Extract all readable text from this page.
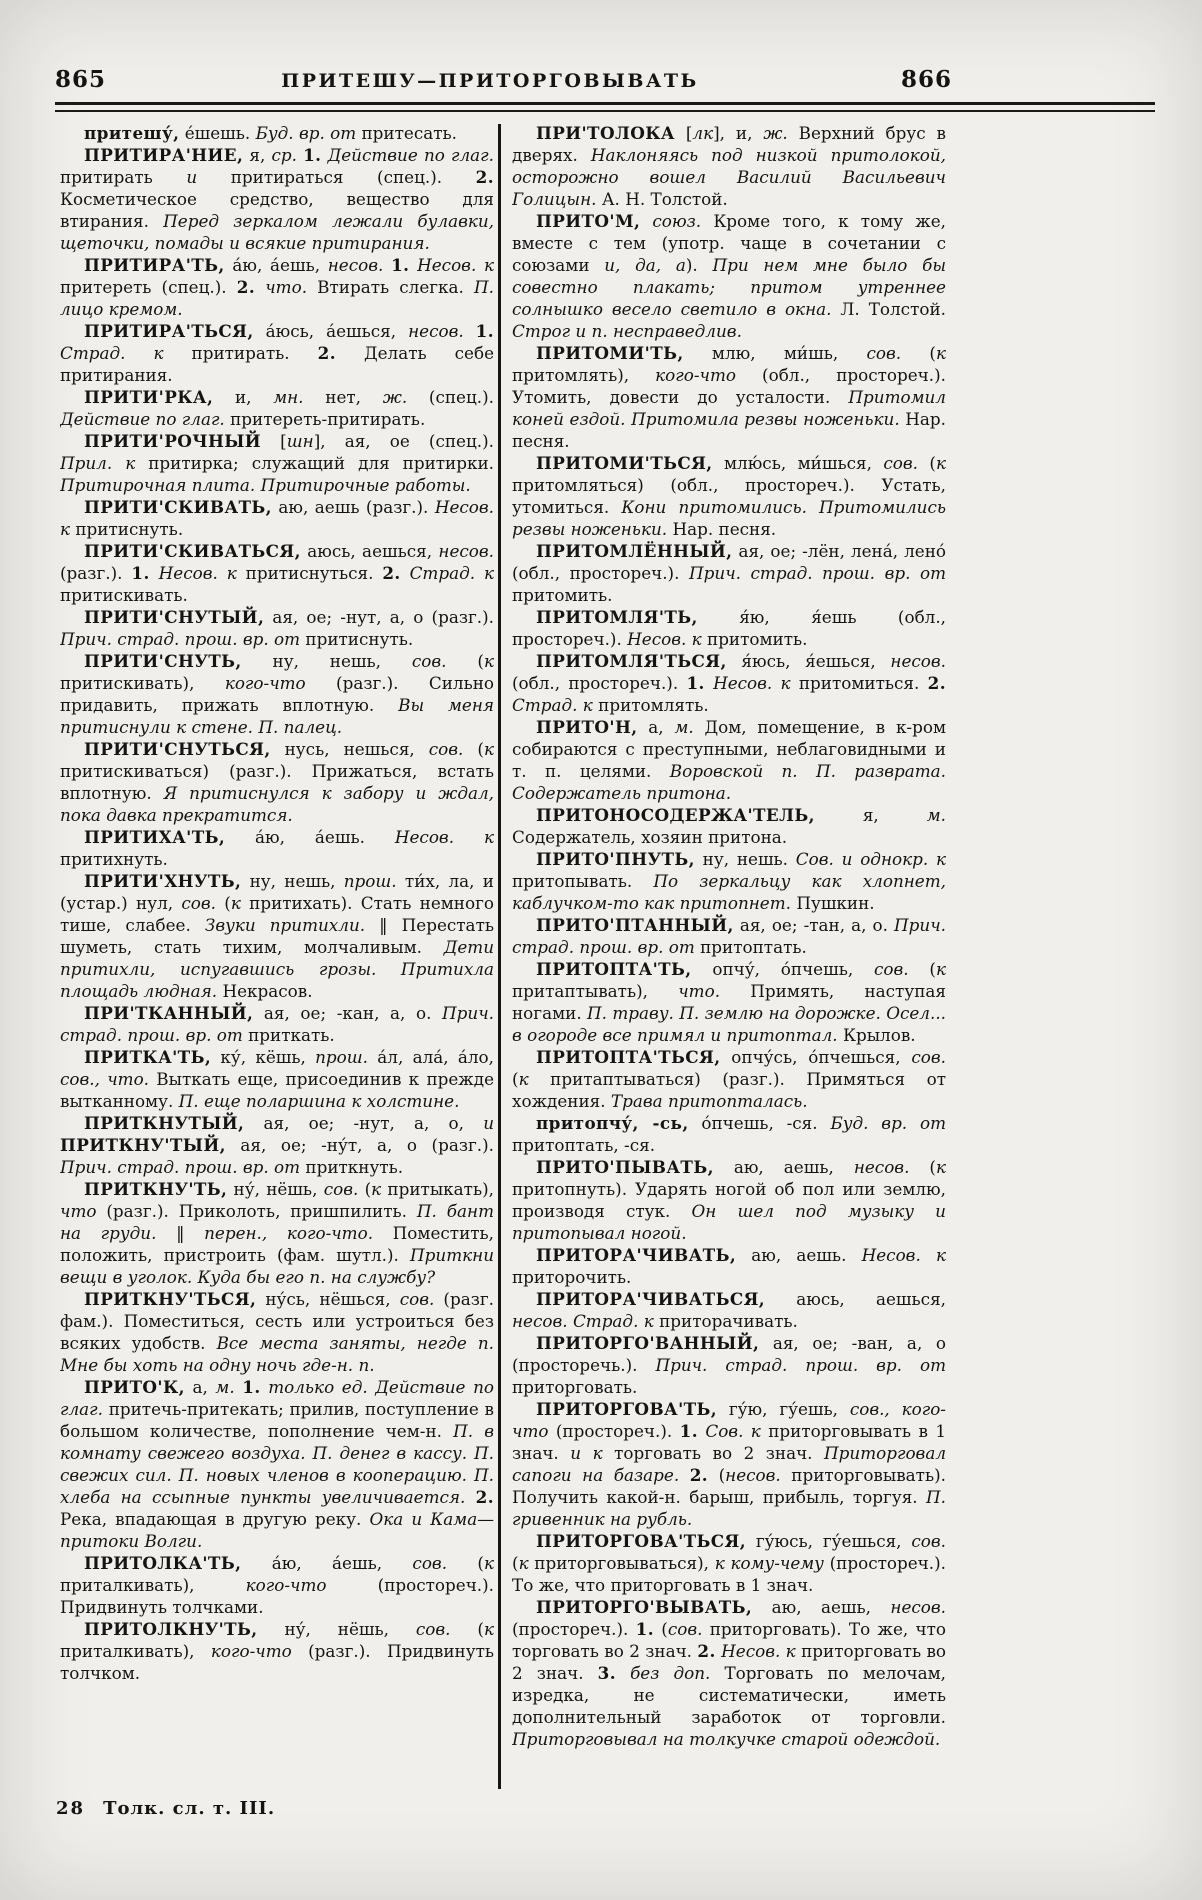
865	ПРИТЕШУ—ПРИТОРГОВЫВАТЬ	866

притешу́, е́шешь. Буд. вр. от притесать.

ПРИТИРА'НИЕ, я, ср. 1. Действие по глаг. притирать и притираться (спец.). 2. Косметическое средство, вещество для втирания. Перед зеркалом лежали булавки, щеточки, помады и всякие притирания.

ПРИТИРА'ТЬ, а́ю, а́ешь, несов. 1. Несов. к притереть (спец.). 2. что. Втирать слегка. П. лицо кремом.

ПРИТИРА'ТЬСЯ, а́юсь, а́ешься, несов. 1. Страд. к притирать. 2. Делать себе притирания.

ПРИТИ'РКА, и, мн. нет, ж. (спец.). Действие по глаг. притереть-притирать.

ПРИТИ'РОЧНЫЙ [шн], ая, ое (спец.). Прил. к притирка; служащий для притирки. Притирочная плита. Притирочные работы.

ПРИТИ'СКИВАТЬ, аю, аешь (разг.). Несов. к притиснуть.

ПРИТИ'СКИВАТЬСЯ, аюсь, аешься, несов. (разг.). 1. Несов. к притиснуться. 2. Страд. к притискивать.

ПРИТИ'СНУТЫЙ, ая, ое; -нут, а, о (разг.). Прич. страд. прош. вр. от притиснуть.

ПРИТИ'СНУТЬ, ну, нешь, сов. (к притискивать), кого-что (разг.). Сильно придавить, прижать вплотную. Вы меня притиснули к стене. П. палец.

ПРИТИ'СНУТЬСЯ, нусь, нешься, сов. (к притискиваться) (разг.). Прижаться, встать вплотную. Я притиснулся к забору и ждал, пока давка прекратится.

ПРИТИХА'ТЬ, а́ю, а́ешь. Несов. к притихнуть.

ПРИТИ'ХНУТЬ, ну, нешь, прош. ти́х, ла, и (устар.) нул, сов. (к притихать). Стать немного тише, слабее. Звуки притихли. ‖ Перестать шуметь, стать тихим, молчаливым. Дети притихли, испугавшись грозы. Притихла площадь людная. Некрасов.

ПРИ'ТКАННЫЙ, ая, ое; -кан, а, о. Прич. страд. прош. вр. от приткать.

ПРИТКА'ТЬ, ку́, кёшь, прош. а́л, ала́, а́ло, сов., что. Выткать еще, присоединив к прежде вытканному. П. еще поларшина к холстине.

ПРИТКНУТЫЙ, ая, ое; -нут, а, о, и ПРИТКНУ'ТЫЙ, ая, ое; -ну́т, а, о (разг.). Прич. страд. прош. вр. от приткнуть.

ПРИТКНУ'ТЬ, ну́, нёшь, сов. (к притыкать), что (разг.). Приколоть, пришпилить. П. бант на груди. ‖ перен., кого-что. Поместить, положить, пристроить (фам. шутл.). Приткни вещи в уголок. Куда бы его п. на службу?

ПРИТКНУ'ТЬСЯ, ну́сь, нёшься, сов. (разг. фам.). Поместиться, сесть или устроиться без всяких удобств. Все места заняты, негде п. Мне бы хоть на одну ночь где-н. п.

ПРИТО'К, а, м. 1. только ед. Действие по глаг. притечь-притекать; прилив, поступление в большом количестве, пополнение чем-н. П. в комнату свежего воздуха. П. денег в кассу. П. свежих сил. П. новых членов в кооперацию. П. хлеба на ссыпные пункты увеличивается. 2. Река, впадающая в другую реку. Ока и Кама—притоки Волги.

ПРИТОЛКА'ТЬ, а́ю, а́ешь, сов. (к приталкивать), кого-что (простореч.). Придвинуть толчками.

ПРИТОЛКНУ'ТЬ, ну́, нёшь, сов. (к приталкивать), кого-что (разг.). Придвинуть толчком.

ПРИ'ТОЛОКА [лк], и, ж. Верхний брус в дверях. Наклоняясь под низкой притолокой, осторожно вошел Василий Васильевич Голицын. А. Н. Толстой.

ПРИТО'М, союз. Кроме того, к тому же, вместе с тем (употр. чаще в сочетании с союзами и, да, а). При нем мне было бы совестно плакать; притом утреннее солнышко весело светило в окна. Л. Толстой. Строг и п. несправедлив.

ПРИТОМИ'ТЬ, млю, ми́шь, сов. (к притомлять), кого-что (обл., простореч.). Утомить, довести до усталости. Притомил коней ездой. Притомила резвы ноженьки. Нар. песня.

ПРИТОМИ'ТЬСЯ, млю́сь, ми́шься, сов. (к притомляться) (обл., простореч.). Устать, утомиться. Кони притомились. Притомились резвы ноженьки. Нар. песня.

ПРИТОМЛЁННЫЙ, ая, ое; -лён, лена́, лено́ (обл., простореч.). Прич. страд. прош. вр. от притомить.

ПРИТОМЛЯ'ТЬ, я́ю, я́ешь (обл., простореч.). Несов. к притомить.

ПРИТОМЛЯ'ТЬСЯ, я́юсь, я́ешься, несов. (обл., простореч.). 1. Несов. к притомиться. 2. Страд. к притомлять.

ПРИТО'Н, а, м. Дом, помещение, в к-ром собираются с преступными, неблаговидными и т. п. целями. Воровской п. П. разврата. Содержатель притона.

ПРИТОНОСОДЕРЖА'ТЕЛЬ, я, м. Содержатель, хозяин притона.

ПРИТО'ПНУТЬ, ну, нешь. Сов. и однокр. к притопывать. По зеркальцу как хлопнет, каблучком-то как притопнет. Пушкин.

ПРИТО'ПТАННЫЙ, ая, ое; -тан, а, о. Прич. страд. прош. вр. от притоптать.

ПРИТОПТА'ТЬ, опчу́, о́пчешь, сов. (к притаптывать), что. Примять, наступая ногами. П. траву. П. землю на дорожке. Осел... в огороде все примял и притоптал. Крылов.

ПРИТОПТА'ТЬСЯ, опчу́сь, о́пчешься, сов. (к притаптываться) (разг.). Примяться от хождения. Трава притопталась.

притопчу́, -сь, о́пчешь, -ся. Буд. вр. от притоптать, -ся.

ПРИТО'ПЫВАТЬ, аю, аешь, несов. (к притопнуть). Ударять ногой об пол или землю, производя стук. Он шел под музыку и притопывал ногой.

ПРИТОРА'ЧИВАТЬ, аю, аешь. Несов. к приторочить.

ПРИТОРА'ЧИВАТЬСЯ, аюсь, аешься, несов. Страд. к приторачивать.

ПРИТОРГО'ВАННЫЙ, ая, ое; -ван, а, о (просторечь.). Прич. страд. прош. вр. от приторговать.

ПРИТОРГОВА'ТЬ, гу́ю, гу́ешь, сов., кого-что (простореч.). 1. Сов. к приторговывать в 1 знач. и к торговать во 2 знач. Приторговал сапоги на базаре. 2. (несов. приторговывать). Получить какой-н. барыш, прибыль, торгуя. П. гривенник на рубль.

ПРИТОРГОВА'ТЬСЯ, гу́юсь, гу́ешься, сов. (к приторговываться), к кому-чему (простореч.). То же, что приторговать в 1 знач.

ПРИТОРГО'ВЫВАТЬ, аю, аешь, несов. (простореч.). 1. (сов. приторговать). То же, что торговать во 2 знач. 2. Несов. к приторговать во 2 знач. 3. без доп. Торговать по мелочам, изредка, не систематически, иметь дополнительный заработок от торговли. Приторговывал на толкучке старой одеждой.

28 Толк. сл. т. III.
